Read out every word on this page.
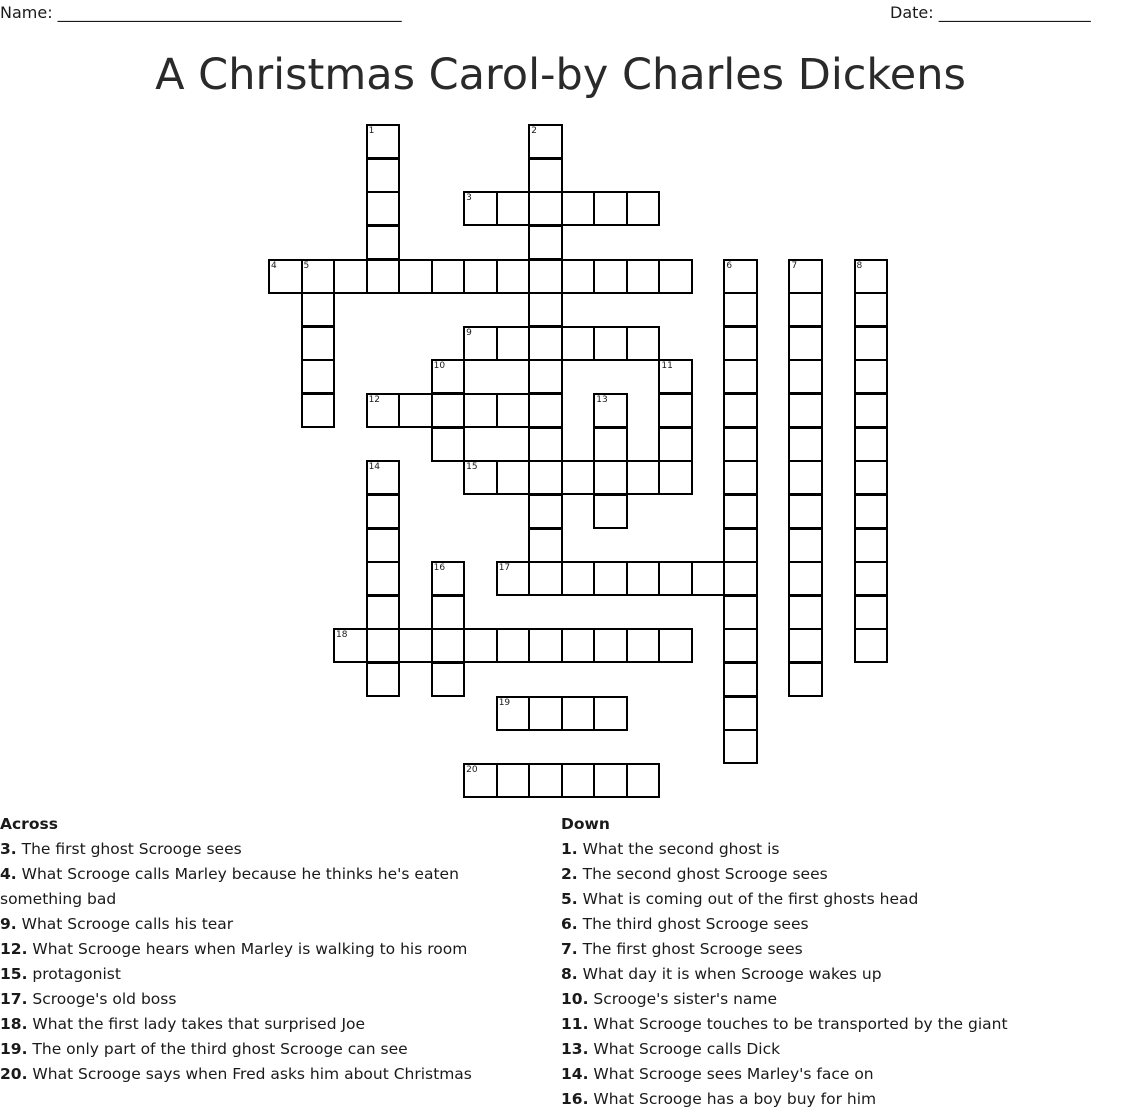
Name: ___________________________________________	Date: ___________________
A Christmas Carol-by Charles Dickens
1	2
3
4	5	6	7	8
9
10	11
12	13
14	15
16	17
18
19
20
Across
3. The first ghost Scrooge sees
4. What Scrooge calls Marley because he thinks he's eaten something bad
9. What Scrooge calls his tear
12. What Scrooge hears when Marley is walking to his room
15. protagonist
17. Scrooge's old boss
18. What the first lady takes that surprised Joe
19. The only part of the third ghost Scrooge can see
20. What Scrooge says when Fred asks him about Christmas
Down
1. What the second ghost is
2. The second ghost Scrooge sees
5. What is coming out of the first ghosts head
6. The third ghost Scrooge sees
7. The first ghost Scrooge sees
8. What day it is when Scrooge wakes up
10. Scrooge's sister's name
11. What Scrooge touches to be transported by the giant
13. What Scrooge calls Dick
14. What Scrooge sees Marley's face on
16. What Scrooge has a boy buy for him
